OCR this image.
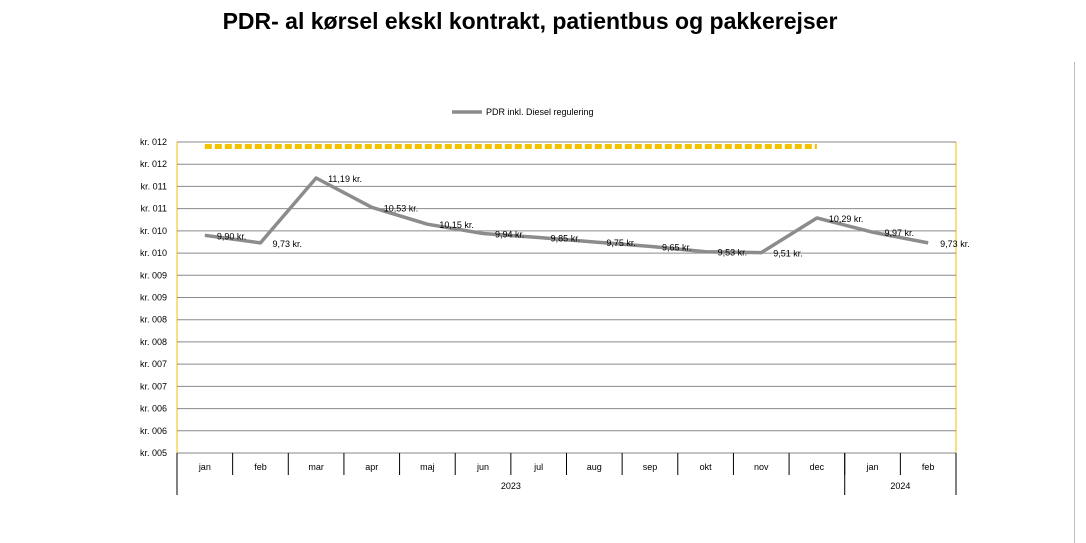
PDR- al kørsel ekskl kontrakt, patientbus og pakkerejser
kr. 012
kr. 012
kr. 011
kr. 011
kr. 010
kr. 010
kr. 009
kr. 009
kr. 008
kr. 008
kr. 007
kr. 007
kr. 006
kr. 006
kr. 005
jan	feb	mar	apr	maj	jun	jul	aug	sep	okt	nov	dec	jan	feb
2023	2024
9,90 kr.
9,73 kr.
11,19 kr.
10,53 kr.
10,15 kr.
9,94 kr.	9,85 kr.	9,75 kr.	9,65 kr.
9,53 kr.	9,51 kr.
10,29 kr.
9,97 kr.
9,73 kr.
PDR inkl. Diesel regulering
